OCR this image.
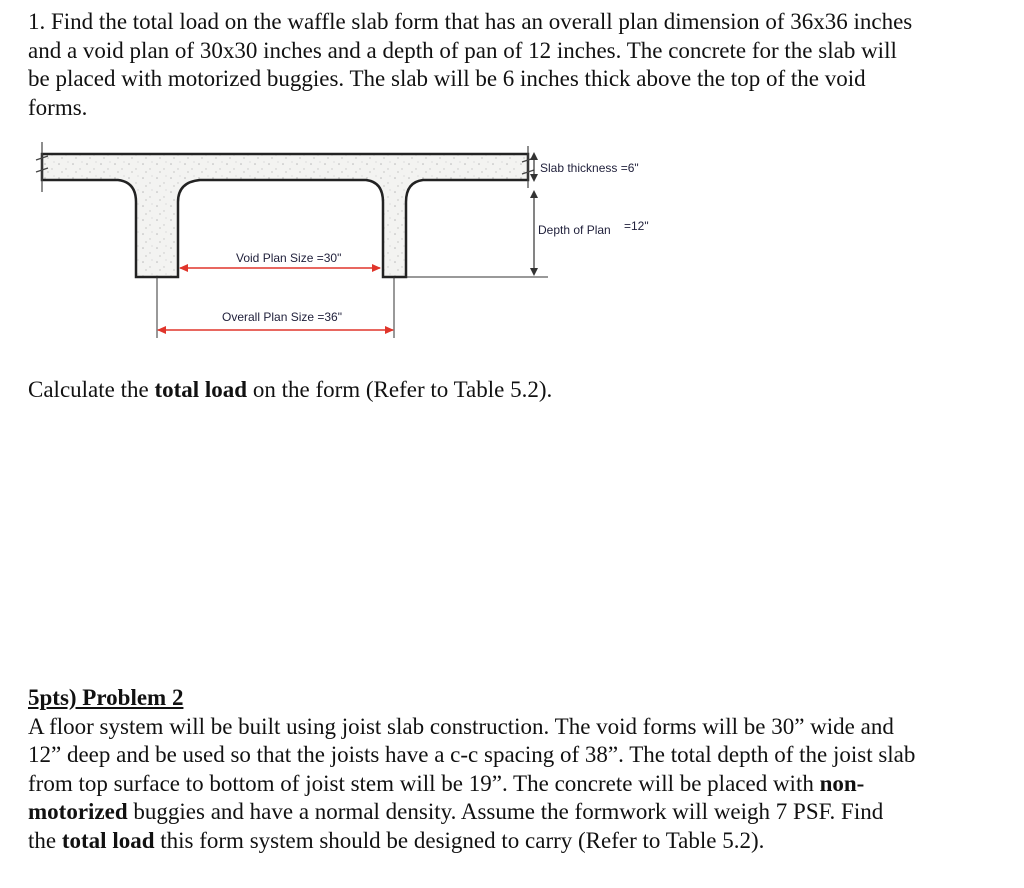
1. Find the total load on the waffle slab form that has an overall plan dimension of 36x36 inches
and a void plan of 30x30 inches and a depth of pan of 12 inches. The concrete for the slab will
be placed with motorized buggies. The slab will be 6 inches thick above the top of the void
forms.
Slab thickness =6"
Depth of Plan =12"
Void Plan Size =30"
Overall Plan Size =36"
Calculate the total load on the form (Refer to Table 5.2).
5pts) Problem 2
A floor system will be built using joist slab construction. The void forms will be 30” wide and
12” deep and be used so that the joists have a c-c spacing of 38”. The total depth of the joist slab
from top surface to bottom of joist stem will be 19”. The concrete will be placed with non-
motorized buggies and have a normal density. Assume the formwork will weigh 7 PSF. Find
the total load this form system should be designed to carry (Refer to Table 5.2).
